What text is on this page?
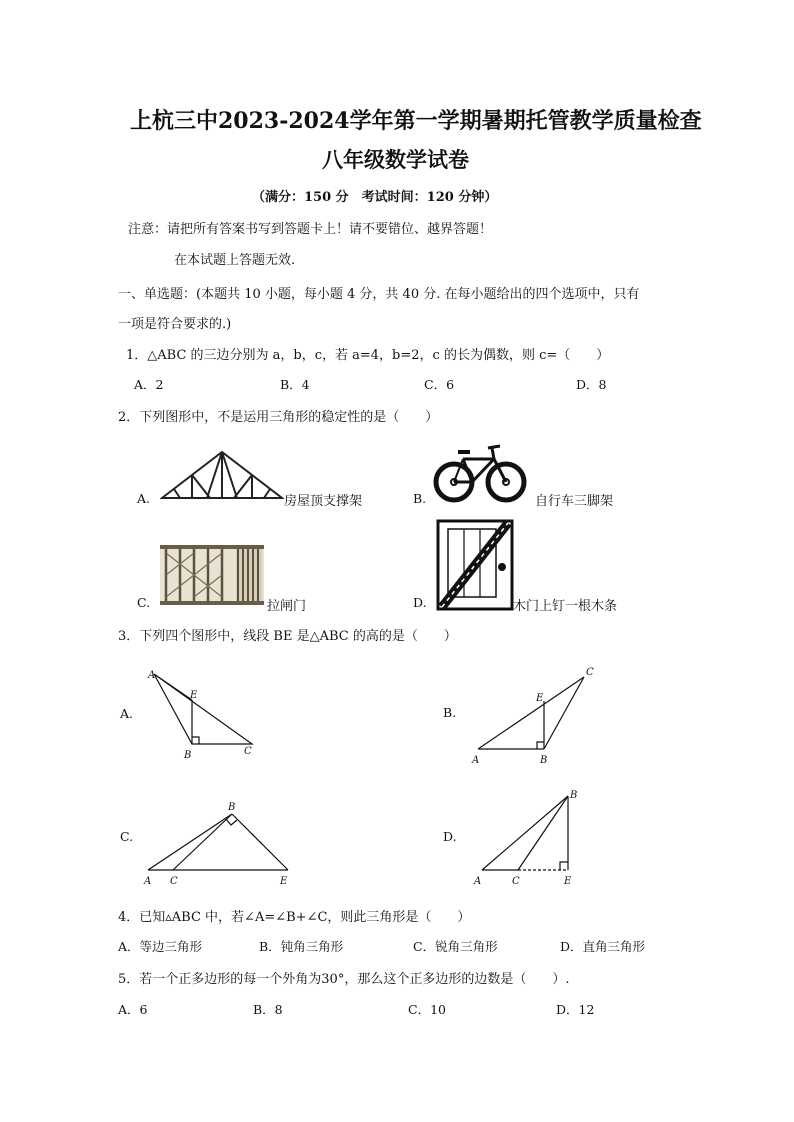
上杭三中2023-2024学年第一学期暑期托管教学质量检查
八年级数学试卷
（满分：150 分　考试时间：120 分钟）
注意：请把所有答案书写到答题卡上！请不要错位、越界答题！
在本试题上答题无效.
一、单选题：(本题共 10 小题，每小题 4 分，共 40 分. 在每小题给出的四个选项中，只有
一项是符合要求的.)
1．△ABC 的三边分别为 a，b，c，若 a=4，b=2，c 的长为偶数，则 c=（　　）
A．2	B．4	C．6	D．8
2．下列图形中，不是运用三角形的稳定性的是（　　）
A.	房屋顶支撑架	B.	自行车三脚架
C.	拉闸门	D.	木门上钉一根木条
3．下列四个图形中，线段 BE 是△ABC 的高的是（　　）
A.
A
B	C
E
B.
A	B
C
E
C.
A
B
C	E
D.
A
B
C	E
4．已知▵ABC 中，若∠A=∠B+∠C，则此三角形是（　　）
A．等边三角形	B．钝角三角形	C．锐角三角形	D．直角三角形
5．若一个正多边形的每一个外角为30°，那么这个正多边形的边数是（　　）.
A．6	B．8	C．10	D．12
